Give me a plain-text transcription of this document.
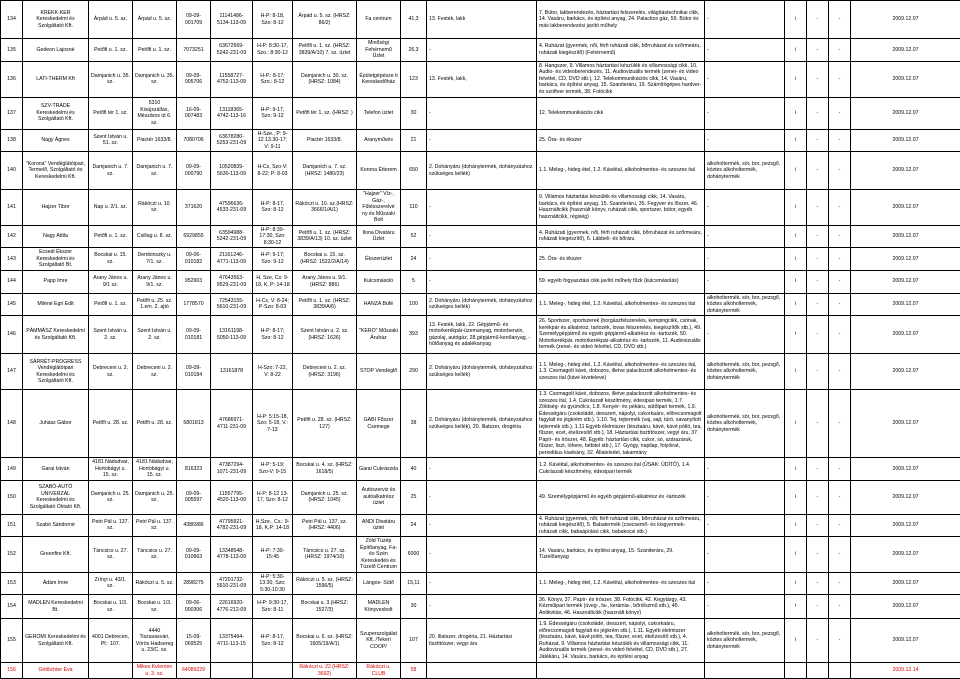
134	KREKK-KER Kereskedelmi és Szolgáltató Kft.	Árpád u. 5. sz.	Árpád u. 5. sz.	09-09-001709	11141486-5134-113-09	H-P: 8-18, Szo: 8-12	Árpád u. 5. sz. (HRSZ: 86/2)	Fa centrum	41,3	13. Festék, lakk	7. Bútor, lakberendezés, háztartási felszerelés, világítástechnikai cikk, 14. Vasáru, barkács, és építési anyag, 24. Palackos gáz, 59. Bútor és más lakberendezési javító műhely	-	i	-	-	2009.12.07
135	Gedeon Lajosné	Petőfi u. 1. sz.	Petőfi u. 1. sz.	7073251	63672569-5242-231-09	H-P: 8:30-17, Szo.: 8:30-12	Petőfi u. 1. sz. (HRSZ: 3839/A/10) 7. sz. üzlet	Minőségi Fehérnemű Üzlet	26,3	-	4. Ruházat (gyermek, női, férfi ruházati cikk, bőrruházat és szőrmeáru, ruházati kiegészítő) (Fehérnemű)	-	i	-	-	2009.12.07
136	LATI-THERM Kft	Damjanich u. 35. sz.	Damjanich u. 35. sz.	09-09-005706	11558727-4752-113-09	H-P.: 8-17; Szo.: 8-12	Damjanich u. 30. sz. (HRSZ: 1084)	Épületgépésze ti Kereskedőház	123	13. Festék, lakk,	8. Hangszer, 9. Villamos háztartási készülék és villamossági cikk, 10. Audio- és videoberendezés, 11. Audiovizuális termék (zenei- és video felvétel, CD, DVD stb.), 12. Telekommunikációs cikk, 14. Vasáru, barkács, és építési anyag, 15. Szaniteráru, 19. Számítógépes hardver- és szoftver termék, 38. Fotócikk	-	i	-	-	2009.12.07
137	SZV-TRADE Kereskedelmi és Szolgáltató Kft.	Petőfi tér 1. sz.	5310 Kisújszállás, Mészáros út 6. sz.	16-09-007483	13118365-4742-113-16	H-P: 9-17, Szo: 9-12	Petőfi tér 1. sz. (HRSZ: )	Telefon üzlet	30	-	12. Telekommunikációs cikk	-	i	-	-	2009.12.07
138	Nagy Ágnes	Szent István u. 51. sz.	Piactér 1633/8.	7080706	63678280-5253-231-09	H-Sze., P: 9-12 13.30-17; V: 9-11	Piactér 1633/8.	Aranyművés	21	-	25. Óra- és ékszer	-	i	-	-	2009.12.07
140	"Korona" Vendéglátóipari, Termelő, Szolgáltató és Kereskedelmi Kft.	Damjanich u. 7. sz.	Damjanich u. 7. sz.	09-09-000790	10520839-5630-113-09	H-Cs, Szo-V: 8-22; P: 8-03	Damjanich u. 7. sz. (HRSZ: 1480/23)	Korona Étterem	650	2. Dohányáru (dohánytermék, dohányzáshoz szükséges kellék)	1.1. Meleg-, hideg étel, 1.2. Kávéital, alkoholmentes- és szeszes ital	alkoholtermék, sör, bor, pezsgő, köztes alkoholtermék, dohánytermék	i	-	-	2009.12.07
141	Hajzer Tibor	Nap u. 2/1. sz.	Rákóczi u. 10. sz.	371620	47596636-4533-231-09	H-P: 8-17, Szo: 8-12	Rákóczi u. 10. sz.(HRSZ: 3666/1/A/1)	"Hajzer" Víz-, Gáz-, Fűtésszerelvé ny és Műszaki Bolt	110	-	9. Villamos háztartási készülék és villamossági cikk, 14. Vasáru, barkács, és építési anyag, 15. Szaniteráru, 35. Fegyver és lőszer, 46. Használtcikk (használt könyv, ruházati cikk, sportszer, bútor, egyéb használtcikk, régiség)	-	i	-	-	2009.12.07
142	Nagy Attila	Petőfi u. 1. sz.	Csillag u. 8. sz.	6929855	63594988-5242-231-09	H-P: 8:30-17:30, Szo: 8:30-12	Petőfi u. 1. sz. (HRSZ: 3839/A/13) 10. sz. üzlet	Ilona Divatáru Üzlet	52	-	4. Ruházati (gyermek, női, férfi ruházati cikk, bőrruházat és szőrmeáru, ruházati kiegészítő), 6. Lábbeli- és bőráru	-	i	-	-	2009.12.07
143	Ecsedi Ékszer Kereskedelmi és Szolgáltató Bt.	Bocskai u. 15. sz.	Dembinszky u. 7/1. sz.	09-06-010182	21161246-4771-113-09	H-P: 9-17; Szo: 9-12	Bocskai u. 15. sz. (HRSZ: 1522/2/A/14)	Ékszerüzlet	24	-	25. Óra- és ékszer	-	i	-	-	2009.12.07
144	Papp Imre	Arany János u. 9/1 sz.	Arany János u. 9/1. sz.	952903	47643563-9529-231-09	H, Sze, Cs: 9-18, K, P: 14-18	Arany János u. 9/1.(HRSZ: 886)	Kulcsmásoló	5	-	59. egyéb fogyasztási cikk javító műhely fűzk (kulcsmásolás)	-	i	-	-	2009.12.07
145	Miléné Egri Edit	Petőfi u. 1. sz.	Petőfi u. 25. sz. 1.em. 2. ajtó	1778570	72543155-5610-231-09	H-Cs, V: 8-24; P-Szo: 8-03	Petőfi u. 1. sz. (HRSZ: 3839/A/6)	HANZA Büfé	100	2. Dohányáru (dohánytermék, dohányzáshoz szükséges kellék)	1.1. Meleg-, hideg étel, 1.2. Kávéital, alkoholmentes- és szeszes ital	alkoholtermék, sör, bor, pezsgő, köztes alkoholtermék, dohánytermék	i	-	-	2009.12.07
146	PÁMMÁSZ Kereskedelmi és Szolgáltató Kft.	Szent István u. 2. sz.	Szent István u. 2. sz.	09-09-010181	13161198-5050-113-09	H-P: 8-17; Szo: 8-12	Szent István u. 2. sz. (HRSZ: 1626)	"KERO" Műszaki Áruház	393	13. Festék, lakk, 22. Gépjármű- és motorkerékpár-üzemanyag, motorbenzin, gázolaj, autógáz, 28.gépjármű-kenőanyag, -hűtőanyag és adalékanyag	26. Sportszer, sportszerek (horgászfelszerelés, kempingcikk, csónak, kerékpár és alkatrész, tartozék, lovas felszerelés, kiegészítők stb.), 49. Személygépjármű és egyéb gépjármű-alkatrész és -tartozék, 50. Motorkerékpár, motorkerékpár-alkatrész és -tartozék, 11. Audiovizuális termék (zenei- és videó felvétel, CD, DVD stb.)	-	i	-	-	2009.12.07
147	SÁRRÉT-PROGRESS Vendéglátóipari Kereskedelmi és Szolgáltató Kft.	Debreceni u. 2. sz.	Debreceni u. 2. sz.	09-09-010184	13161878	H-Szo: 7-22, V: 8-22	Debreceni u. 2. sz. (HRSZ: 3196)	STOP Vendéglő	290	2. Dohányáru (dohánytermék, dohányzáshoz szükséges kellék)	1.1. Meleg-, hideg étel, 1.2. Kávéital, alkoholmentes- és szeszes ital, 1.3. Csomagolt kávé, dobozos, illetve palackozott alkoholmentes- és szeszes ital (kávé kiveteleve)	alkoholtermék, sör, bor, pezsgő, köztes alkoholtermék, dohánytermék	i	-	-	2009.12.07
148	Juhász Gábor	Petőfi u. 28. sz.	Petőfi u. 28. sz.	5801813	47686971-4711-231-09	H-P: 5:15-18, Szo: 5-18, V.: 7-13	Petőfi u. 28. sz. (HRSZ: 127)	GABI Főszer Csemege	38	2. Dohányáru (dohánytermék, dohányzáshoz szükséges kellék), 20. Illatszer, drogéria	1.3. Csomagolt kávé, dobozos, illetve palackozott alkoholmentes- és szeszes ital, 1.4. Cukrászati készítmény, édesipari termék, 1.7. Zöldség- és gyümölcs, 1.8. Kenyér- és pékáru, sütőipari termék, 1.9. Édességáru (csokoládé, desszert, nápolyi, cukorkaáru, előrecsomagolt fagylalt és jégkrém stb.), 1.10. Tej, tejtermék (vaj, sajt, túró, savanyított tejtermék stb.), 1.11 Egyéb élelmiszer (tésztaáru, kávé, kávé pótló, tea, fűszer, ecet, ételízesítő stb.), 18. Háztartási tisztítószer, vegyi áru, 37. Papír- és írószer, 48. Egyéb: háztartási cikk, cukor, só, szárazáruk, fűszer, liszt, lóhere, bébitel stb.), 17. Gyógy, napilap, folyóirat, periodikus kiadvány, 32. Állateledel, takarmány	alkoholtermék, sör, bor, pezsgő, köztes alkoholtermék, dohánytermék	i	-	-	2009.12.07
149	Garai István	4181 Nádudvar, Hortobágyi u. 15. sz.	4181 Nádudvar, Hortobágyi u. 15. sz.	816323	47387294-1071-231-09	H-P: 5-19; Szo-V: 9-15	Bocskai u. 4. sz. (HRSZ: 1618/5)	Garai Cukrászda	40	-	1.2. Kávéital, alkoholmentes- és szeszes ital (ÜSAK: ÜDÍTŐ), 1.4. Cukrászati készítmény, édesipari termék	-	i	-	-	2009.12.07
150	SZABÓ-AUTÓ UNIVERZÁL Kereskedelmi és Szolgáltató Oktató Kft.	Damjanich u. 25. sz.	Damjanich u. 25. sz.	09-09-005597	11557795-4520-113-09	H-P: 8-12 13-17, Szo: 8-12	Damjanich u. 25. sz. (HRSZ: 1045)	Autószerviz és autóalkatrész üzlet	25	-	49. Személygépjármű és egyéb gépjármű-alkatrész és -tartozék	-	i	-	-	2009.12.07
151	Szabó Sándorné	Petri Pál u. 137. sz.	Petri Pál u. 137. sz.	4386986	47795921-4782-231-09	H,Sze., Cs.: 9-18, K,P: 14-18	Petri Pál u. 137. sz. (HRSZ: 4406)	ANDI Divatáru üzlet	24	-	4. Ruházat (gyermek, női, férfi ruházati cikk, bőrruházat és szőrmeáru, ruházati kiegészítő), 5. Babatermék (csecsemő- és kisgyermek-ruházati cikk, babaápolási cikk, babakocsi stb.)	-	i	-	-	2009.12.07
152	Greenfire Kft.	Táncsics u. 27. sz.	Táncsics u. 27. sz.	09-09-010963	13348548-4778-113-09	H-P: 7:30-15:45	Táncsics u. 27. sz. (HRSZ: 1974/10)	Zöld Tüzép Építőanyag, Fa- és Szén Kereskedés és Tüzelő Centrum	6000	-	14. Vasáru, barkács, és építési anyag, 15. Szaniteráru, 29. Tüzelőanyag	-	i	-	-	2009.12.07
153	Ádám Imre	Zrínyi u. 43/1. sz.	Rákóczi u. 5. sz.	2898275	47201732-5610-231-09	H-P: 5:30-13:30, Szo: 5:30-10:30	Rákóczi u. 5. sz. (HRSZ: 1596/5)	Lángos- Sütő	15,11	-	1.1. Meleg-, hideg étel, 1.2. Kávéital, alkoholmentes- és szeszes ital	-	i	-	-	2009.12.07
154	MADLEN Kereskedelmi Bt.	Bocskai u. 1/3. sz.	Bocskai u. 1/3. sz.	09-06-000306	22616920-4776-212-09	H-P: 9:30-17, Szo: 8-11	Bocskai u. 3.(HRSZ: 1527/3)	MADLEN Könyvesbolt	30	-	36. Könyv, 37. Papír- és írószer, 38. Fotócikk, 42. Kegytárgy, 43. Kézműipari termék (üveg-, fa-, kerámia-, bőrdíszmű stb.), 45. Antikvitás, 46. Használtcikk (használt könyv)	-	i	-	-	2009.12.07
155	GEROMI Kereskedelmi és Szolgáltató Kft.	4001 Debrecen, Pf.: 107.	4440 Tiszavasvári, Vörös Hadsereg u. 23/C. sz.	15-09-069525	13375494-4711-113-15	H-P: 8-17, Szo: 8-12	Bocskai u. 6. sz. (HRSZ: 1605/19/A/1)	Szuperszolgálat Kft. /Tekeri COOP/	107	20. Illatszer, drogéria, 21. Háztartási tisztítószer, vegyi áru	1.9. Édességáru (csokoládé, desszert, nápolyi, cukorkaáru, előrecsomagolt fagylalt és jégkrém stb.), 1.11. Egyéb élelmiszer (tésztaáru, kávé, kávé pótló, tea, fűszer, ecet, ételízesítő stb.), 4. Ruházat, 9. Villamos háztartási készülék és villamossági cikk, 11. Audiovizuális termék (zenei- és videó felvétel, CD, DVD stb.), 27. Játékáru, 14. Vasáru, barkács, és építési anyag	alkoholtermék, sör, bor, pezsgő, köztes alkoholtermék, dohánytermék	i	-	-	2009.12.07
156	Göttlichter Éva		Mikes Kelemen u. 3. sz.	64089229			Rákóczi u. 22.(HRSZ: 3692)	Rákóczi u. CLUB	58							2009.12.14
